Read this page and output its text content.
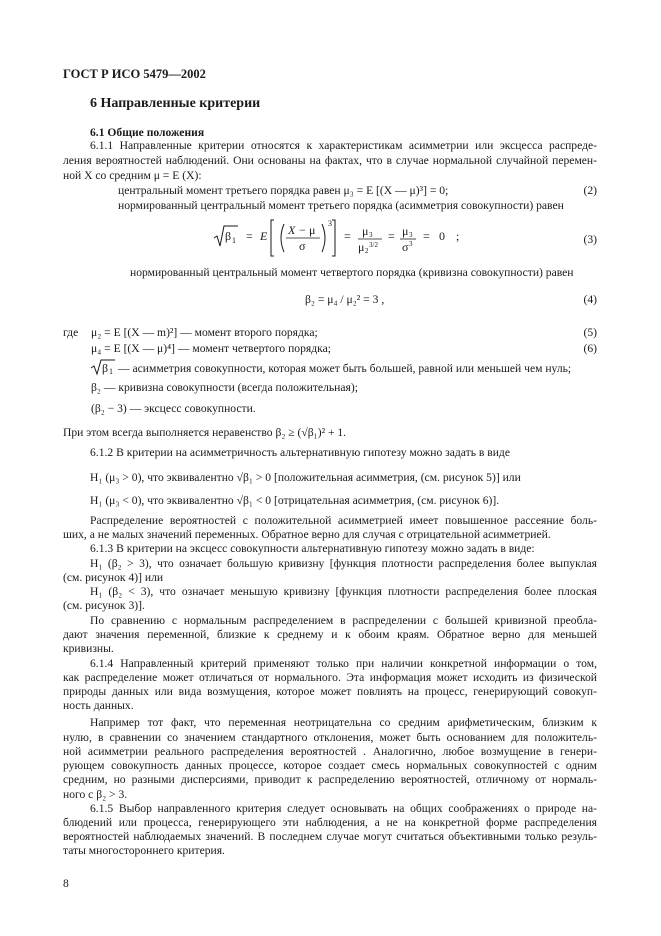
ГОСТ Р ИСО 5479—2002
6 Направленные критерии
6.1 Общие положения
6.1.1 Направленные критерии относятся к характеристикам асимметрии или эксцесса распреде-
ления вероятностей наблюдений. Они основаны на фактах, что в случае нормальной случайной перемен-
ной X со средним μ = E (X):
центральный момент третьего порядка равен μ₃ = E [(X — μ)³] = 0;	(2)
нормированный центральный момент третьего порядка (асимметрия совокупности) равен
β 1 = E X − μ
σ
3
= μ 3
μ 2
3/2
= μ 3
σ 3
= 0 ;	(3)
нормированный центральный момент четвертого порядка (кривизна совокупности) равен
β₂ = μ₄ / μ₂² = 3 ,	(4)
где μ₂ = E [(X — m)²] — момент второго порядка;	(5)
μ₄ = E [(X — μ)⁴] — момент четвертого порядка;	(6)
β 1 — асимметрия совокупности, которая может быть большей, равной или меньшей чем нуль;
β₂ — кривизна совокупности (всегда положительная);
(β₂ − 3) — эксцесс совокупности.
При этом всегда выполняется неравенство β₂ ≥ (√β₁)² + 1.
6.1.2 В критерии на асимметричность альтернативную гипотезу можно задать в виде
H₁ (μ₃ > 0), что эквивалентно √β₁ > 0 [положительная асимметрия, (см. рисунок 5)] или
H₁ (μ₃ < 0), что эквивалентно √β₁ < 0 [отрицательная асимметрия, (см. рисунок 6)].
Распределение вероятностей с положительной асимметрией имеет повышенное рассеяние боль-
ших, а не малых значений переменных. Обратное верно для случая с отрицательной асимметрией.
6.1.3 В критерии на эксцесс совокупности альтернативную гипотезу можно задать в виде:
H₁ (β₂ > 3), что означает большую кривизну [функция плотности распределения более выпуклая
(см. рисунок 4)] или
H₁ (β₂ < 3), что означает меньшую кривизну [функция плотности распределения более плоская
(см. рисунок 3)].
По сравнению с нормальным распределением в распределении с большей кривизной преобла-
дают значения переменной, близкие к среднему и к обоим краям. Обратное верно для меньшей
кривизны.
6.1.4 Направленный критерий применяют только при наличии конкретной информации о том,
как распределение может отличаться от нормального. Эта информация может исходить из физической
природы данных или вида возмущения, которое может повлиять на процесс, генерирующий совокуп-
ность данных.
Например тот факт, что переменная неотрицательна со средним арифметическим, близким к
нулю, в сравнении со значением стандартного отклонения, может быть основанием для положитель-
ной асимметрии реального распределения вероятностей . Аналогично, любое возмущение в генери-
рующем совокупность данных процессе, которое создает смесь нормальных совокупностей с одним
средним, но разными дисперсиями, приводит к распределению вероятностей, отличному от нормаль-
ного с β₂ > 3.
6.1.5 Выбор направленного критерия следует основывать на общих соображениях о природе на-
блюдений или процесса, генерирующего эти наблюдения, а не на конкретной форме распределения
вероятностей наблюдаемых значений. В последнем случае могут считаться объективными только резуль-
таты многостороннего критерия.
8
